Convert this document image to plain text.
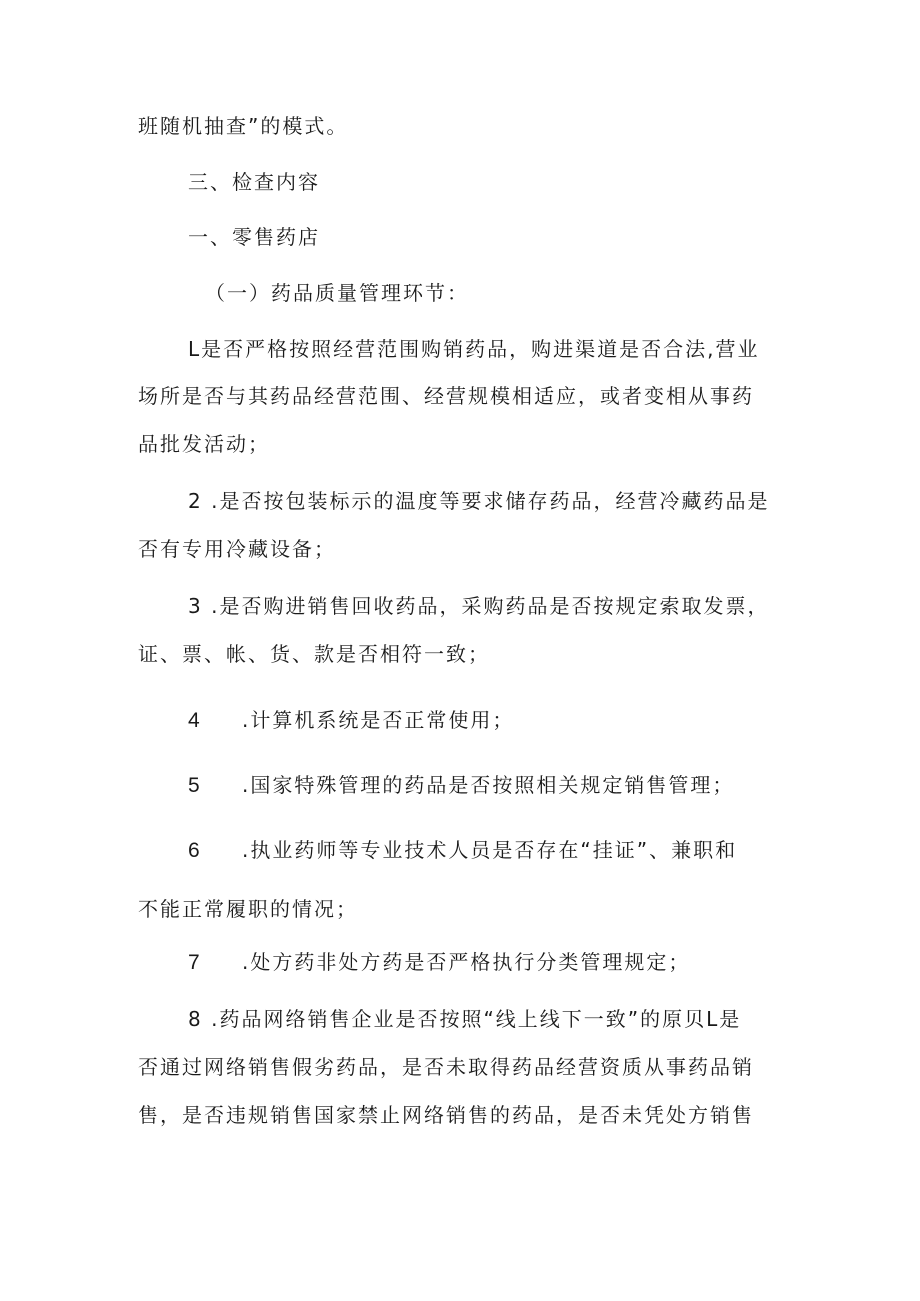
班随机抽查”的模式。
三、检查内容
一、零售药店
（一）药品质量管理环节：
L是否严格按照经营范围购销药品，购进渠道是否合法,营业
场所是否与其药品经营范围、经营规模相适应，或者变相从事药
品批发活动；
2 .是否按包装标示的温度等要求储存药品，经营冷藏药品是
否有专用冷藏设备；
3 .是否购进销售回收药品，采购药品是否按规定索取发票，
证、票、帐、货、款是否相符一致；
4 .计算机系统是否正常使用；
5 .国家特殊管理的药品是否按照相关规定销售管理；
6 .执业药师等专业技术人员是否存在“挂证”、兼职和
不能正常履职的情况；
7 .处方药非处方药是否严格执行分类管理规定；
8 .药品网络销售企业是否按照“线上线下一致”的原贝L是
否通过网络销售假劣药品，是否未取得药品经营资质从事药品销
售，是否违规销售国家禁止网络销售的药品，是否未凭处方销售
